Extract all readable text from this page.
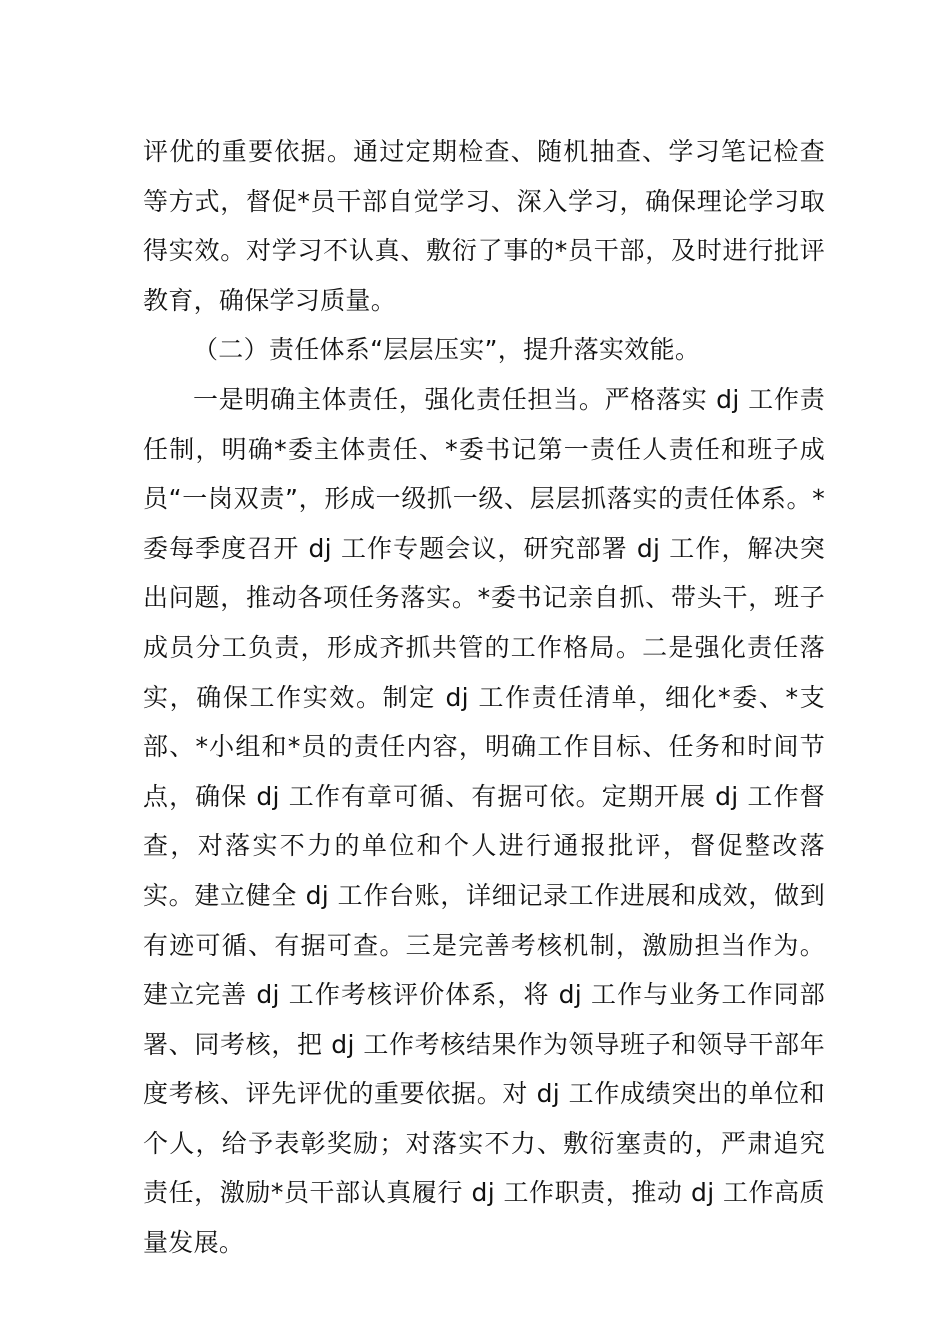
评优的重要依据。通过定期检查、随机抽查、学习笔记检查等方式，督促*员干部自觉学习、深入学习，确保理论学习取得实效。对学习不认真、敷衍了事的*员干部，及时进行批评教育，确保学习质量。

（二）责任体系“层层压实”，提升落实效能。

一是明确主体责任，强化责任担当。严格落实 dj 工作责任制，明确*委主体责任、*委书记第一责任人责任和班子成员“一岗双责”，形成一级抓一级、层层抓落实的责任体系。*委每季度召开 dj 工作专题会议，研究部署 dj 工作，解决突出问题，推动各项任务落实。*委书记亲自抓、带头干，班子成员分工负责，形成齐抓共管的工作格局。二是强化责任落实，确保工作实效。制定 dj 工作责任清单，细化*委、*支部、*小组和*员的责任内容，明确工作目标、任务和时间节点，确保 dj 工作有章可循、有据可依。定期开展 dj 工作督查，对落实不力的单位和个人进行通报批评，督促整改落实。建立健全 dj 工作台账，详细记录工作进展和成效，做到有迹可循、有据可查。三是完善考核机制，激励担当作为。建立完善 dj 工作考核评价体系，将 dj 工作与业务工作同部署、同考核，把 dj 工作考核结果作为领导班子和领导干部年度考核、评先评优的重要依据。对 dj 工作成绩突出的单位和个人，给予表彰奖励；对落实不力、敷衍塞责的，严肃追究责任，激励*员干部认真履行 dj 工作职责，推动 dj 工作高质量发展。
